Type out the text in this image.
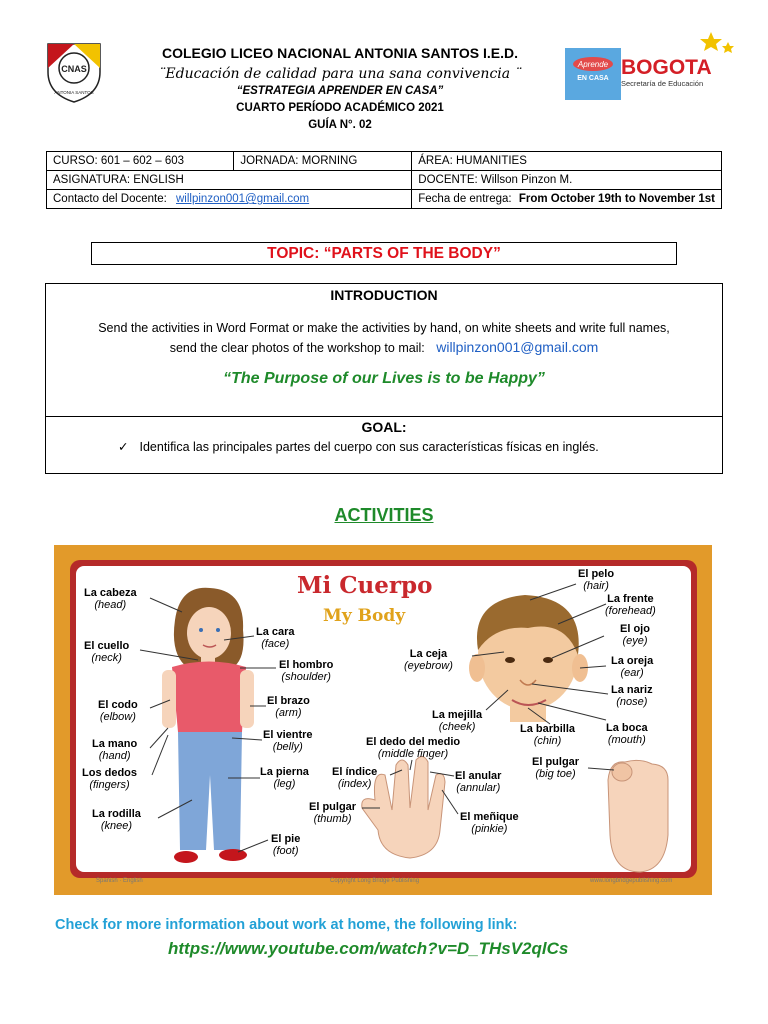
CNAS
ANTONIA SANTOS
COLEGIO LICEO NACIONAL ANTONIA SANTOS I.E.D.
¨Educación de calidad para una sana convivencia ¨
“ESTRATEGIA APRENDER EN CASA”
CUARTO PERÍODO ACADÉMICO 2021
GUÍA N°. 02
Aprende
EN CASA BOGOTA
Secretaría de Educación
CURSO: 601 – 602 – 603	JORNADA: MORNING	ÁREA: HUMANITIES
ASIGNATURA: ENGLISH		DOCENTE: Willson Pinzon M.
Contacto del Docente: willpinzon001@gmail.com		Fecha de entrega: From October 19th to November 1st
TOPIC: “PARTS OF THE BODY”
INTRODUCTION
Send the activities in Word Format or make the activities by hand, on white sheets and write full names,
send the clear photos of the workshop to mail: willpinzon001@gmail.com
“The Purpose of our Lives is to be Happy”
GOAL:
✓ Identifica las principales partes del cuerpo con sus características físicas en inglés.
ACTIVITIES
Mi Cuerpo
My Body
La cabeza
(head)
El cuello
(neck)
El codo
(elbow)
La mano
(hand)
Los dedos
(fingers)
La rodilla
(knee)
La cara
(face)
El hombro
(shoulder)
El brazo
(arm)
El vientre
(belly)
La pierna
(leg)
El pie
(foot)
El pelo
(hair)
La frente
(forehead)
El ojo
(eye)
La oreja
(ear)
La nariz
(nose)
La ceja
(eyebrow)
La mejilla
(cheek)	La barbilla
(chin)
La boca
(mouth)
El dedo del medio
(middle finger)
El índice
(index)
El anular
(annular)
El pulgar
(thumb)	El meñique
(pinkie)
El pulgar
(big toe)
Spanish · English	Copyright Long Bridge Publishing	www.longbridgepublishing.com
Check for more information about work at home, the following link:
https://www.youtube.com/watch?v=D_THsV2qlCs
